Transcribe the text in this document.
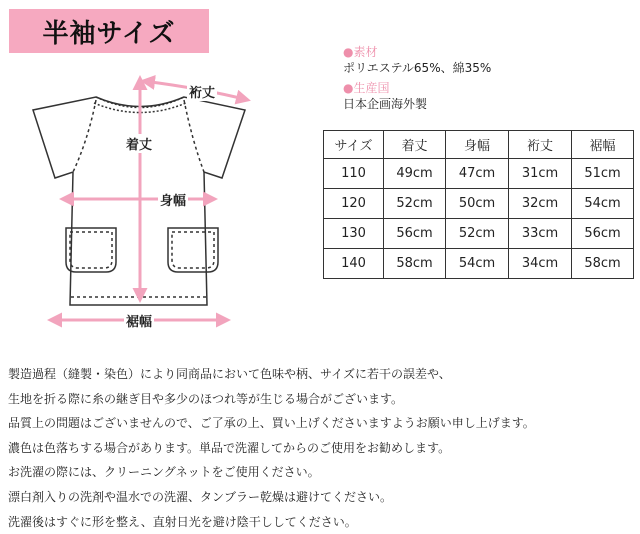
半袖サイズ
裄丈
着丈
身幅
裾幅
●素材
ポリエステル65%、綿35%
●生産国
日本企画海外製
サイズ	着丈	身幅	裄丈	裾幅
110	49cm	47cm	31cm	51cm
120	52cm	50cm	32cm	54cm
130	56cm	52cm	33cm	56cm
140	58cm	54cm	34cm	58cm
製造過程（縫製・染色）により同商品において色味や柄、サイズに若干の誤差や、
生地を折る際に糸の継ぎ目や多少のほつれ等が生じる場合がございます。
品質上の問題はございませんので、ご了承の上、買い上げくださいますようお願い申し上げます。
濃色は色落ちする場合があります。単品で洗濯してからのご使用をお勧めします。
お洗濯の際には、クリーニングネットをご使用ください。
漂白剤入りの洗剤や温水での洗濯、タンブラー乾燥は避けてください。
洗濯後はすぐに形を整え、直射日光を避け陰干ししてください。
